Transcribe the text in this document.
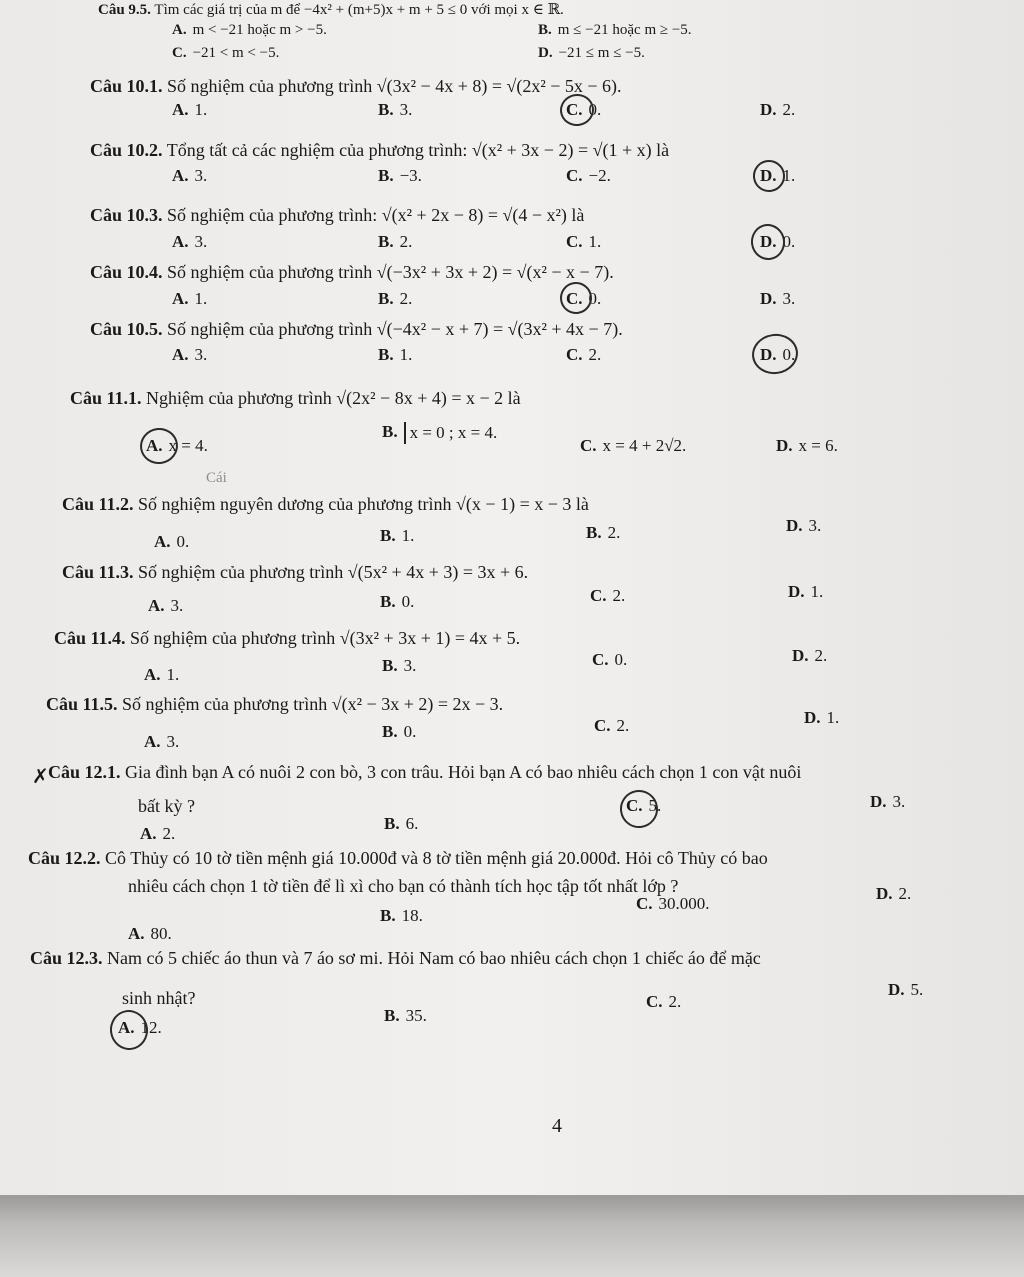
Câu 9.5. Tìm các giá trị của m để −4x² + (m+5)x + m + 5 ≤ 0 với mọi x ∈ ℝ.
A. m < −21 hoặc m > −5.	B. m ≤ −21 hoặc m ≥ −5.
C. −21 < m < −5.	D. −21 ≤ m ≤ −5.
Câu 10.1. Số nghiệm của phương trình √(3x² − 4x + 8) = √(2x² − 5x − 6).
A. 1.	B. 3.	C. 0.	D. 2.
Câu 10.2. Tổng tất cả các nghiệm của phương trình: √(x² + 3x − 2) = √(1 + x) là
A. 3.	B. −3.	C. −2.	D. 1.
Câu 10.3. Số nghiệm của phương trình: √(x² + 2x − 8) = √(4 − x²) là
A. 3.	B. 2.	C. 1.	D. 0.
Câu 10.4. Số nghiệm của phương trình √(−3x² + 3x + 2) = √(x² − x − 7).
A. 1.	B. 2.	C. 0.	D. 3.
Câu 10.5. Số nghiệm của phương trình √(−4x² − x + 7) = √(3x² + 4x − 7).
A. 3.	B. 1.	C. 2.	D. 0.
Câu 11.1. Nghiệm của phương trình √(2x² − 8x + 4) = x − 2 là
A. x = 4.
B. x = 0 ; x = 4.
C. x = 4 + 2√2.	D. x = 6.
Cái
Câu 11.2. Số nghiệm nguyên dương của phương trình √(x − 1) = x − 3 là
A. 0.	B. 1.	B. 2.	D. 3.
Câu 11.3. Số nghiệm của phương trình √(5x² + 4x + 3) = 3x + 6.
A. 3.	B. 0.	C. 2.	D. 1.
Câu 11.4. Số nghiệm của phương trình √(3x² + 3x + 1) = 4x + 5.
A. 1.	B. 3.	C. 0.	D. 2.
Câu 11.5. Số nghiệm của phương trình √(x² − 3x + 2) = 2x − 3.
A. 3.
B. 0.	C. 2.	D. 1.
✗ Câu 12.1. Gia đình bạn A có nuôi 2 con bò, 3 con trâu. Hỏi bạn A có bao nhiêu cách chọn 1 con vật nuôi
bất kỳ ?
A. 2.
B. 6.
C. 5.	D. 3.
Câu 12.2. Cô Thủy có 10 tờ tiền mệnh giá 10.000đ và 8 tờ tiền mệnh giá 20.000đ. Hỏi cô Thủy có bao
nhiêu cách chọn 1 tờ tiền để lì xì cho bạn có thành tích học tập tốt nhất lớp ?
A. 80.
B. 18.
C. 30.000.
D. 2.
Câu 12.3. Nam có 5 chiếc áo thun và 7 áo sơ mi. Hỏi Nam có bao nhiêu cách chọn 1 chiếc áo để mặc
sinh nhật?
A. 12.
B. 35.
C. 2.
D. 5.
4
